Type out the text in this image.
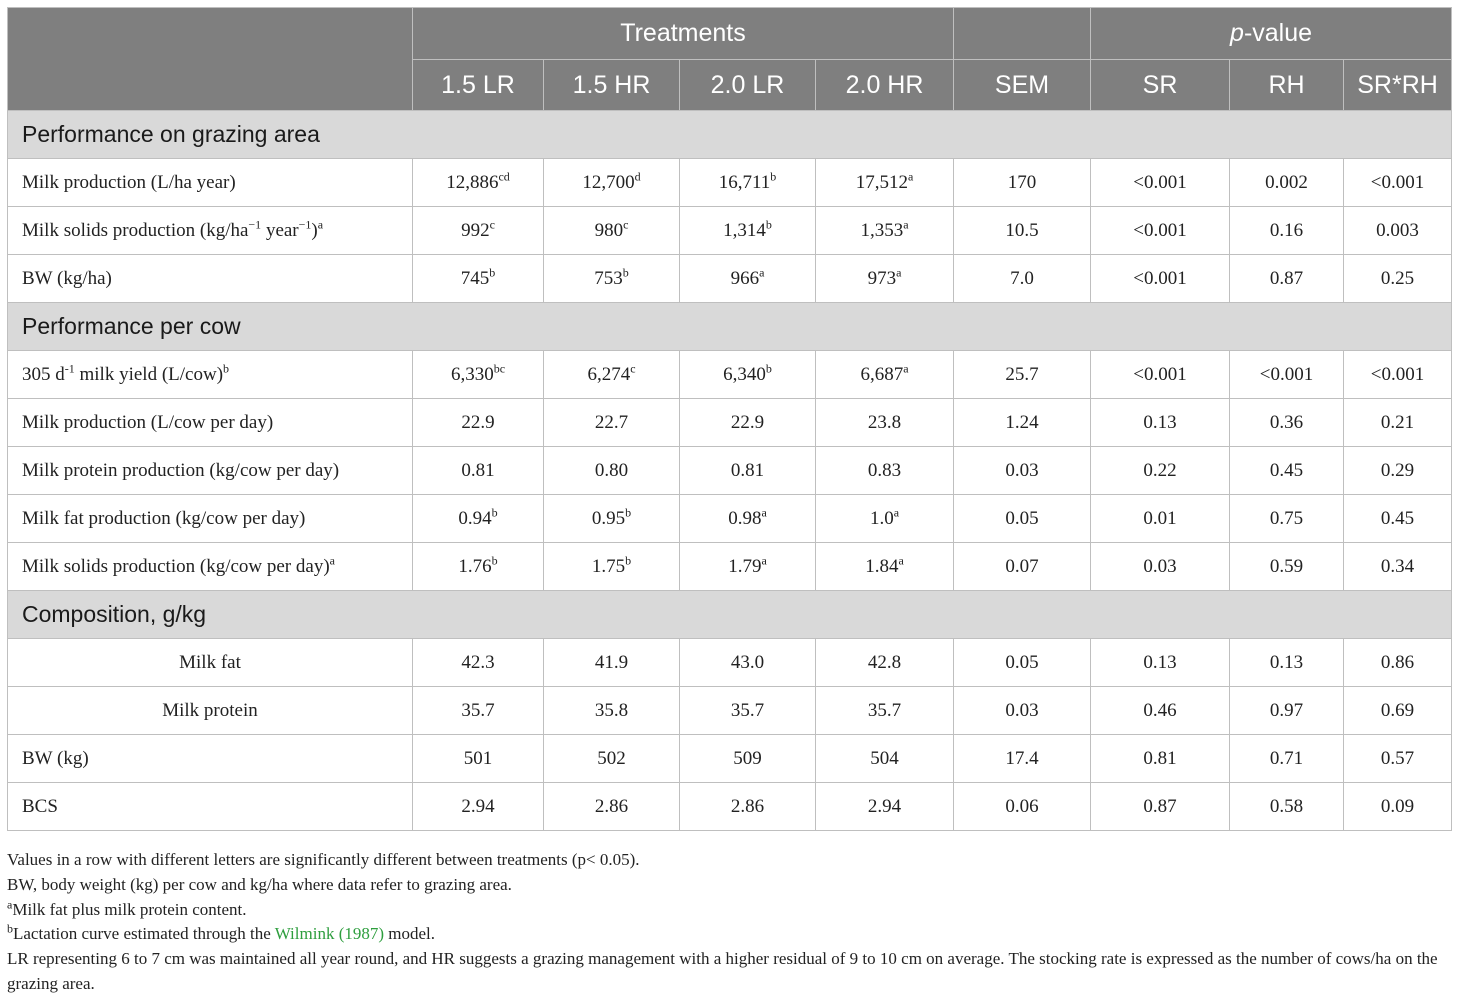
	Treatments					p-value		
	1.5 LR	1.5 HR	2.0 LR	2.0 HR	SEM	SR	RH	SR*RH
Performance on grazing area								
Milk production (L/ha year)	12,886$^{cd}$	12,700$^d$	16,711$^b$	17,512$^a$	170	<0.001	0.002	<0.001
Milk solids production ($kg/ha^{-1}$ year$^{-1}$)$^a$	992$^c$	980$^c$	1,314$^b$	1,353$^a$	10.5	<0.001	0.16	0.003
BW (kg/ha)	745$^b$	753$^b$	966$^a$	973$^a$	7.0	<0.001	0.87	0.25
Performance per cow								
305 $d^{-1}$ milk yield $(L/cow)^b$	6,330$^{bc}$	6,274$^c$	6,340$^b$	6,687$^a$	25.7	<0.001	<0.001	<0.001
Milk production (L/cow per day)	22.9	22.7	22.9	23.8	1.24	0.13	0.36	0.21
Milk protein production (kg/cow per day)	0.81	0.80	0.81	0.83	0.03	0.22	0.45	0.29
Milk fat production (kg/cow per day)	0.94$^b$	0.95$^b$	0.98$^a$	1.0$^a$	0.05	0.01	0.75	0.45
Milk solids production (kg/cow per day)$^a$	1.76$^b$	1.75$^b$	1.79$^a$	1.84$^a$	0.07	0.03	0.59	0.34
Composition, g/kg								
Milk fat	42.3	41.9	43.0	42.8	0.05	0.13	0.13	0.86
Milk protein	35.7	35.8	35.7	35.7	0.03	0.46	0.97	0.69
BW (kg)	501	502	509	504	17.4	0.81	0.71	0.57
BCS	2.94	2.86	2.86	2.94	0.06	0.87	0.58	0.09
Values in a row with different letters are significantly different between treatments (p< 0.05).
BW, body weight (kg) per cow and kg/ha where data refer to grazing area.
$^a$Milk fat plus milk protein content.
$^b$Lactation curve estimated through the Wilmink (1987) model.
LR representing 6 to 7 cm was maintained all year round, and HR suggests a grazing management with a higher residual of 9 to 10 cm on average. The stocking rate is expressed as the number of cows/ha on the grazing area.
